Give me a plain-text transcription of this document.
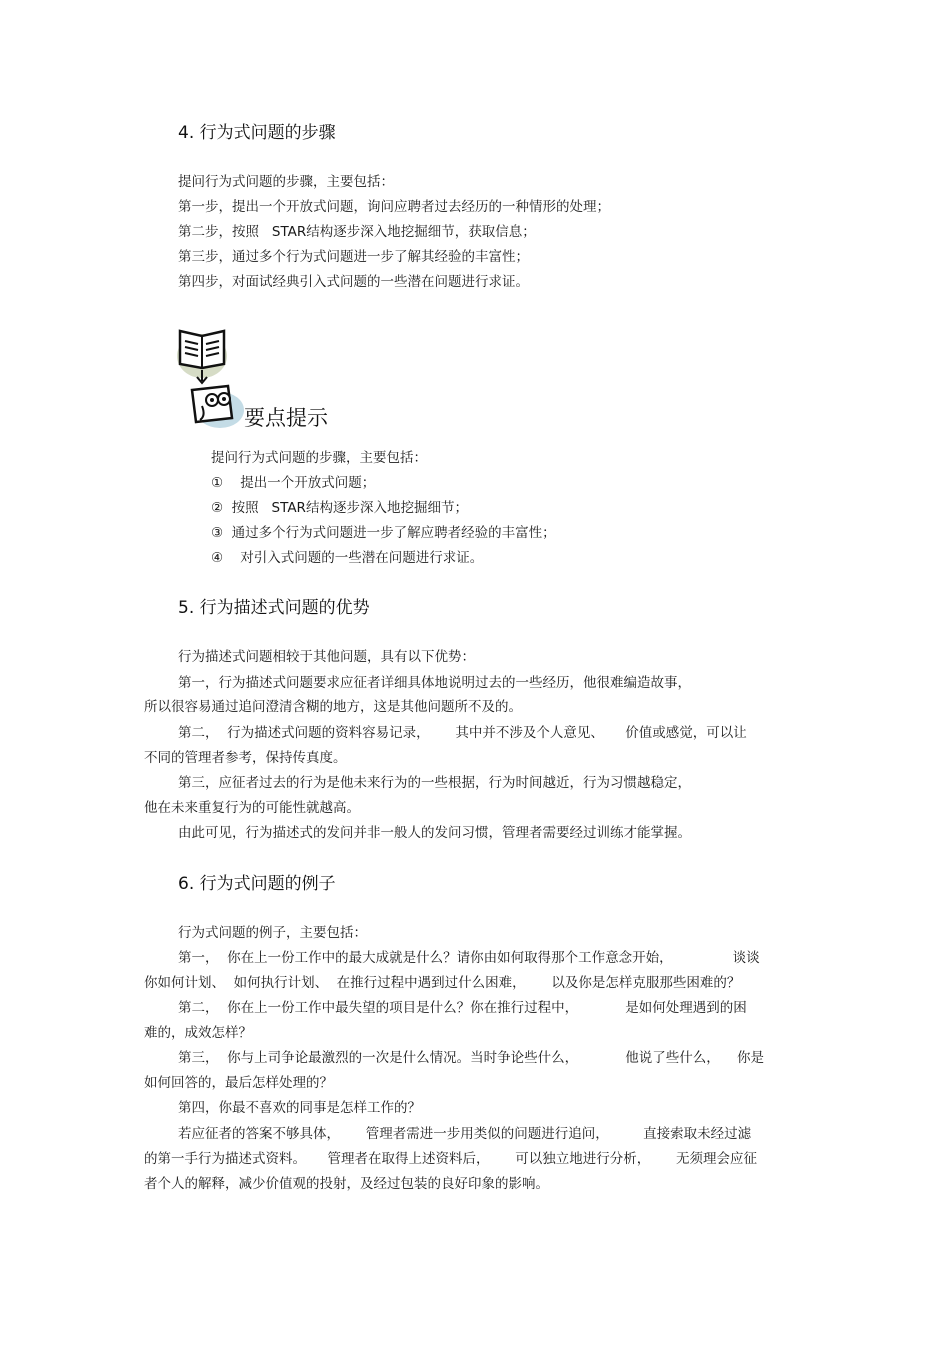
4. 行为式问题的步骤
提问行为式问题的步骤，主要包括：
第一步，提出一个开放式问题，询问应聘者过去经历的一种情形的处理；
第二步，按照   STAR结构逐步深入地挖掘细节，获取信息；
第三步，通过多个行为式问题进一步了解其经验的丰富性；
第四步，对面试经典引入式问题的一些潜在问题进行求证。
要点提示
提问行为式问题的步骤，主要包括：
①    提出一个开放式问题；
②  按照   STAR结构逐步深入地挖掘细节；
③  通过多个行为式问题进一步了解应聘者经验的丰富性；
④    对引入式问题的一些潜在问题进行求证。
5. 行为描述式问题的优势
行为描述式问题相较于其他问题，具有以下优势：
第一，行为描述式问题要求应征者详细具体地说明过去的一些经历，他很难编造故事，
所以很容易通过追问澄清含糊的地方，这是其他问题所不及的。
第二，  行为描述式问题的资料容易记录，      其中并不涉及个人意见、     价值或感觉，可以让
不同的管理者参考，保持传真度。
第三，应征者过去的行为是他未来行为的一些根据，行为时间越近，行为习惯越稳定，
他在未来重复行为的可能性就越高。
由此可见，行为描述式的发问并非一般人的发问习惯，管理者需要经过训练才能掌握。
6. 行为式问题的例子
行为式问题的例子，主要包括：
第一，  你在上一份工作中的最大成就是什么？请你由如何取得那个工作意念开始，              谈谈
你如何计划、  如何执行计划、  在推行过程中遇到过什么困难，      以及你是怎样克服那些困难的？
第二，  你在上一份工作中最失望的项目是什么？你在推行过程中，           是如何处理遇到的困
难的，成效怎样？
第三，  你与上司争论最激烈的一次是什么情况。当时争论些什么，           他说了些什么，    你是
如何回答的，最后怎样处理的？
第四，你最不喜欢的同事是怎样工作的？
若应征者的答案不够具体，      管理者需进一步用类似的问题进行追问，        直接索取未经过滤
的第一手行为描述式资料。     管理者在取得上述资料后，      可以独立地进行分析，      无须理会应征
者个人的解释，减少价值观的投射，及经过包装的良好印象的影响。
